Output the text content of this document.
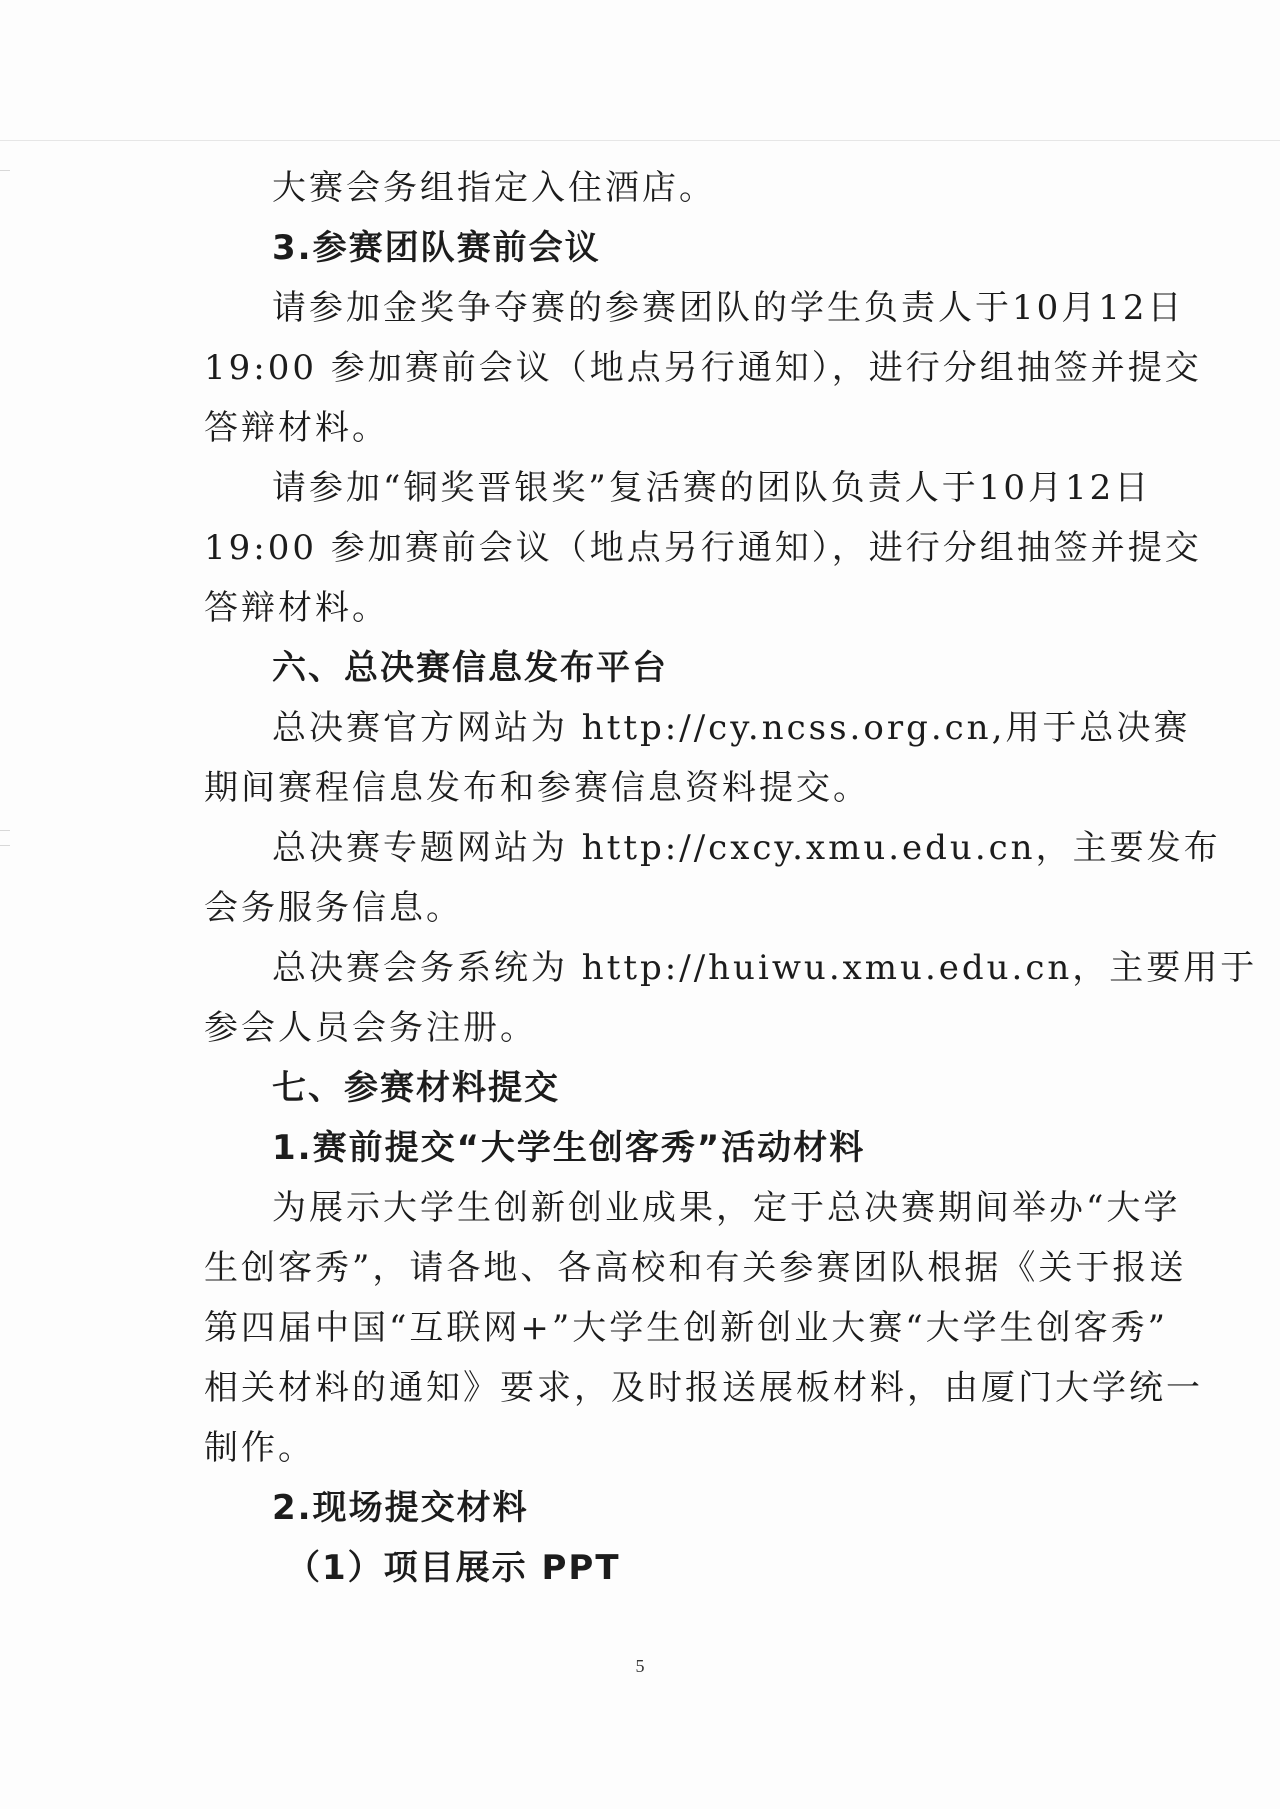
大赛会务组指定入住酒店。
3.参赛团队赛前会议
请参加金奖争夺赛的参赛团队的学生负责人于10月12日
19:00 参加赛前会议（地点另行通知），进行分组抽签并提交
答辩材料。
请参加“铜奖晋银奖”复活赛的团队负责人于10月12日
19:00 参加赛前会议（地点另行通知），进行分组抽签并提交
答辩材料。
六、总决赛信息发布平台
总决赛官方网站为 http://cy.ncss.org.cn,用于总决赛
期间赛程信息发布和参赛信息资料提交。
总决赛专题网站为 http://cxcy.xmu.edu.cn，主要发布
会务服务信息。
总决赛会务系统为 http://huiwu.xmu.edu.cn，主要用于
参会人员会务注册。
七、参赛材料提交
1.赛前提交“大学生创客秀”活动材料
为展示大学生创新创业成果，定于总决赛期间举办“大学
生创客秀”，请各地、各高校和有关参赛团队根据《关于报送
第四届中国“互联网+”大学生创新创业大赛“大学生创客秀”
相关材料的通知》要求，及时报送展板材料，由厦门大学统一
制作。
2.现场提交材料
（1）项目展示 PPT
5
